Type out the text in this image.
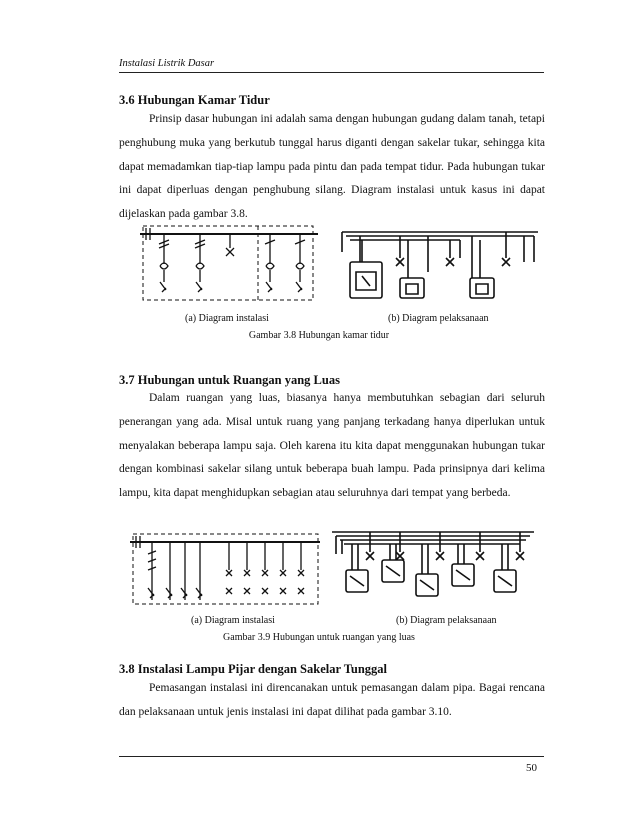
Instalasi Listrik Dasar
3.6 Hubungan Kamar Tidur

Prinsip dasar hubungan ini adalah sama dengan hubungan gudang dalam tanah, tetapi penghubung muka yang berkutub tunggal harus diganti dengan sakelar tukar, sehingga kita dapat memadamkan tiap-tiap lampu pada pintu dan pada tempat tidur. Pada hubungan tukar ini dapat diperluas dengan penghubung silang. Diagram instalasi untuk kasus ini dapat dijelaskan pada gambar 3.8.

(a) Diagram instalasi	(b) Diagram pelaksanaan
Gambar 3.8 Hubungan kamar tidur
3.7 Hubungan untuk Ruangan yang Luas

Dalam ruangan yang luas, biasanya hanya membutuhkan sebagian dari seluruh penerangan yang ada. Misal untuk ruang yang panjang terkadang hanya diperlukan untuk menyalakan beberapa lampu saja. Oleh karena itu kita dapat menggunakan hubungan tukar dengan kombinasi sakelar silang untuk beberapa buah lampu. Pada prinsipnya dari kelima lampu, kita dapat menghidupkan sebagian atau seluruhnya dari tempat yang berbeda.

(a) Diagram instalasi	(b) Diagram pelaksanaan
Gambar 3.9 Hubungan untuk ruangan yang luas
3.8 Instalasi Lampu Pijar dengan Sakelar Tunggal

Pemasangan instalasi ini direncanakan untuk pemasangan dalam pipa. Bagai rencana dan pelaksanaan untuk jenis instalasi ini dapat dilihat pada gambar 3.10.

50
